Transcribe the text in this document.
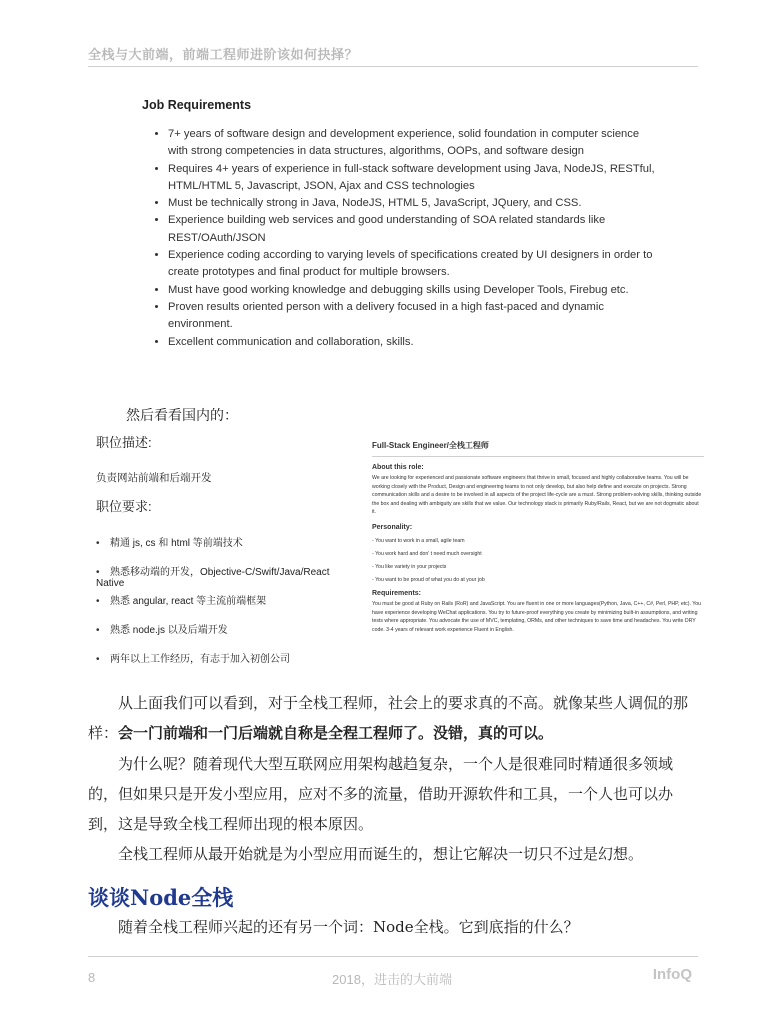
全栈与大前端，前端工程师进阶该如何抉择？
Job Requirements
• 7+ years of software design and development experience, solid foundation in computer science with strong competencies in data structures, algorithms, OOPs, and software design
• Requires 4+ years of experience in full-stack software development using Java, NodeJS, RESTful, HTML/HTML 5, Javascript, JSON, Ajax and CSS technologies
• Must be technically strong in Java, NodeJS, HTML 5, JavaScript, JQuery, and CSS.
• Experience building web services and good understanding of SOA related standards like REST/OAuth/JSON
• Experience coding according to varying levels of specifications created by UI designers in order to create prototypes and final product for multiple browsers.
• Must have good working knowledge and debugging skills using Developer Tools, Firebug etc.
• Proven results oriented person with a delivery focused in a high fast-paced and dynamic environment.
• Excellent communication and collaboration, skills.
然后看看国内的：
职位描述:
负责网站前端和后端开发
职位要求:
• 精通 js, cs 和 html 等前端技术
• 熟悉移动端的开发，Objective-C/Swift/Java/React Native
• 熟悉 angular, react 等主流前端框架
• 熟悉 node.js 以及后端开发
• 两年以上工作经历，有志于加入初创公司
Full-Stack Engineer/全栈工程师
About this role:
We are looking for experienced and passionate software engineers that thrive in small, focused and highly collaborative teams. You will be working closely with the Product, Design and engineering teams to not only develop, but also help define and execute on projects. Strong communication skills and a desire to be involved in all aspects of the project life-cycle are a must. Strong problem-solving skills, thinking outside the box and dealing with ambiguity are skills that we value. Our technology stack is primarily Ruby/Rails, React, but we are not dogmatic about it.
Personality:
- You want to work in a small, agile team
- You work hard and don' t need much oversight
- You like variety in your projects
- You want to be proud of what you do at your job
Requirements:
You must be good at Ruby on Rails (RoR) and JavaScript. You are fluent in one or more languages(Python, Java, C++, C#, Perl, PHP, etc). You have experience developing WeChat applications. You try to future-proof everything you create by minimizing built-in assumptions, and writing tests where appropriate. You advocate the use of MVC, templating, ORMs, and other techniques to save time and headaches. You write DRY code. 3-4 years of relevant work experience Fluent in English.

从上面我们可以看到，对于全栈工程师，社会上的要求真的不高。就像某些人调侃的那样：会一门前端和一门后端就自称是全程工程师了。没错，真的可以。

为什么呢？随着现代大型互联网应用架构越趋复杂，一个人是很难同时精通很多领域的，但如果只是开发小型应用，应对不多的流量，借助开源软件和工具，一个人也可以办到，这是导致全栈工程师出现的根本原因。

全栈工程师从最开始就是为小型应用而诞生的，想让它解决一切只不过是幻想。

谈谈Node全栈

随着全栈工程师兴起的还有另一个词：Node全栈。它到底指的什么？

8	2018，进击的大前端	InfoQ
